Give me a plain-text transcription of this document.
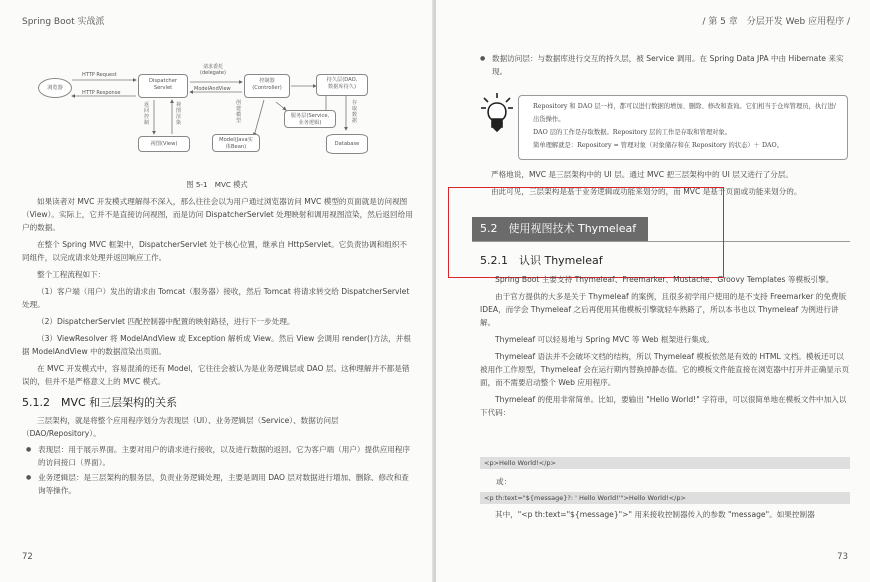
Spring Boot 实战派
浏览器
HTTP Request
HTTP Response
Dispatcher
Servlet
请求委托
(delegate)
ModelAndView
控制器
(Controller)
持久层(DAO,
数据库持久)
返回控制
视图渲染
创建模型
存取数据
视图(View)
Model(Java实
体Bean)
服务层(Service,
业务逻辑)
Database
图 5-1　MVC 模式

如果读者对 MVC 开发模式理解得不深入，那么往往会以为用户通过浏览器访问 MVC 模型的页面就是访问视图（View）。实际上，它并不是直接访问视图，而是访问 DispatcherServlet 处理映射和调用视图渲染，然后返回给用户的数据。

在整个 Spring MVC 框架中，DispatcherServlet 处于核心位置，继承自 HttpServlet。它负责协调和组织不同组件，以完成请求处理并返回响应工作。

整个工程流程如下：

（1）客户端（用户）发出的请求由 Tomcat（服务器）接收，然后 Tomcat 将请求转交给 DispatcherServlet 处理。

（2）DispatcherServlet 匹配控制器中配置的映射路径，进行下一步处理。

（3）ViewResolver 将 ModelAndView 或 Exception 解析成 View。然后 View 会调用 render()方法，并根据 ModelAndView 中的数据渲染出页面。

在 MVC 开发模式中，容易混淆的还有 Model，它往往会被认为是业务逻辑层或 DAO 层。这种理解并不都是错误的，但并不是严格意义上的 MVC 模式。

5.1.2　MVC 和三层架构的关系

三层架构，就是将整个应用程序划分为表现层（UI）、业务逻辑层（Service）、数据访问层（DAO/Repository）。

● 表现层：用于展示界面。主要对用户的请求进行接收，以及进行数据的返回。它为客户端（用户）提供应用程序的访问接口（界面）。

● 业务逻辑层：是三层架构的服务层，负责业务逻辑处理，主要是调用 DAO 层对数据进行增加、删除、修改和查询等操作。

72
/ 第 5 章　分层开发 Web 应用程序 /

● 数据访问层：与数据库进行交互的持久层，被 Service 调用。在 Spring Data JPA 中由 Hibernate 来实现。

Repository 和 DAO 层一样，都可以进行数据的增加、删除、修改和查询。它们相当于仓库管理员，执行进/出货操作。

DAO 层的工作是存取数据。Repository 层的工作是存取和管理对象。

简单理解就是：Repository = 管理对象（对象储存和在 Repository 的状态）＋ DAO。

严格地说，MVC 是三层架构中的 UI 层。通过 MVC 把三层架构中的 UI 层又进行了分层。

由此可见，三层架构是基于业务逻辑或功能来划分的，而 MVC 是基于页面或功能来划分的。

5.2　使用视图技术 Thymeleaf
5.2.1　认识 Thymeleaf

Spring Boot 主要支持 Thymeleaf、Freemarker、Mustache、Groovy Templates 等模板引擎。

由于官方提供的大多是关于 Thymeleaf 的案例，且很多初学用户使用的是不支持 Freemarker 的免费版 IDEA，而学会 Thymeleaf 之后再使用其他模板引擎就轻车熟路了，所以本书也以 Thymeleaf 为例进行讲解。

Thymeleaf 可以轻易地与 Spring MVC 等 Web 框架进行集成。

Thymeleaf 语法并不会破坏文档的结构，所以 Thymeleaf 模板依然是有效的 HTML 文档。模板还可以被用作工作原型，Thymeleaf 会在运行期内替换掉静态值。它的模板文件能直接在浏览器中打开并正确显示页面，而不需要启动整个 Web 应用程序。

Thymeleaf 的使用非常简单。比如，要输出 "Hello World!" 字符串，可以很简单地在模板文件中加入以下代码：

<p>Hello World!</p>
或：
<p th:text="${message}?: ' Hello World!'">Hello World!</p>
其中，"<p th:text="${message}">" 用来接收控制器传入的参数 "message"。如果控制器
73
